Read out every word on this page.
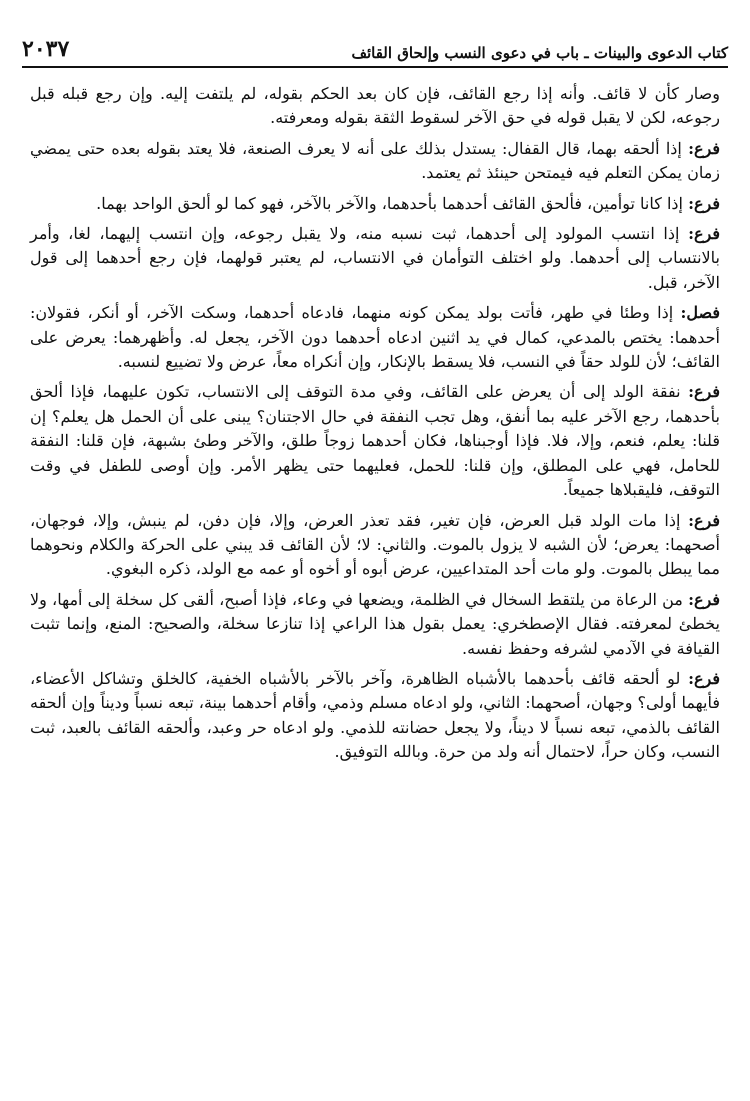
٢٠٣٧	كتاب الدعوى والبينات ـ باب في دعوى النسب وإلحاق القائف

وصار كأن لا قائف. وأنه إذا رجع القائف، فإن كان بعد الحكم بقوله، لم يلتفت إليه. وإن رجع قبله قبل رجوعه، لكن لا يقبل قوله في حق الآخر لسقوط الثقة بقوله ومعرفته.

فرع: إذا ألحقه بهما، قال القفال: يستدل بذلك على أنه لا يعرف الصنعة، فلا يعتد بقوله بعده حتى يمضي زمان يمكن التعلم فيه فيمتحن حينئذ ثم يعتمد.

فرع: إذا كانا توأمين، فألحق القائف أحدهما بأحدهما، والآخر بالآخر، فهو كما لو ألحق الواحد بهما.

فرع: إذا انتسب المولود إلى أحدهما، ثبت نسبه منه، ولا يقبل رجوعه، وإن انتسب إليهما، لغا، وأمر بالانتساب إلى أحدهما. ولو اختلف التوأمان في الانتساب، لم يعتبر قولهما، فإن رجع أحدهما إلى قول الآخر، قبل.

فصل: إذا وطئا في طهر، فأتت بولد يمكن كونه منهما، فادعاه أحدهما، وسكت الآخر، أو أنكر، فقولان: أحدهما: يختص بالمدعي، كمال في يد اثنين ادعاه أحدهما دون الآخر، يجعل له. وأظهرهما: يعرض على القائف؛ لأن للولد حقاً في النسب، فلا يسقط بالإنكار، وإن أنكراه معاً، عرض ولا تضييع لنسبه.

فرع: نفقة الولد إلى أن يعرض على القائف، وفي مدة التوقف إلى الانتساب، تكون عليهما، فإذا ألحق بأحدهما، رجع الآخر عليه بما أنفق، وهل تجب النفقة في حال الاجتنان؟ يبنى على أن الحمل هل يعلم؟ إن قلنا: يعلم، فنعم، وإلا، فلا. فإذا أوجبناها، فكان أحدهما زوجاً طلق، والآخر وطئ بشبهة، فإن قلنا: النفقة للحامل، فهي على المطلق، وإن قلنا: للحمل، فعليهما حتى يظهر الأمر. وإن أوصى للطفل في وقت التوقف، فليقبلاها جميعاً.

فرع: إذا مات الولد قبل العرض، فإن تغير، فقد تعذر العرض، وإلا، فإن دفن، لم ينبش، وإلا، فوجهان، أصحهما: يعرض؛ لأن الشبه لا يزول بالموت. والثاني: لا؛ لأن القائف قد يبني على الحركة والكلام ونحوهما مما يبطل بالموت. ولو مات أحد المتداعيين، عرض أبوه أو أخوه أو عمه مع الولد، ذكره البغوي.

فرع: من الرعاة من يلتقط السخال في الظلمة، ويضعها في وعاء، فإذا أصبح، ألقى كل سخلة إلى أمها، ولا يخطئ لمعرفته. فقال الإصطخري: يعمل بقول هذا الراعي إذا تنازعا سخلة، والصحيح: المنع، وإنما تثبت القيافة في الآدمي لشرفه وحفظ نفسه.

فرع: لو ألحقه قائف بأحدهما بالأشباه الظاهرة، وآخر بالآخر بالأشباه الخفية، كالخلق وتشاكل الأعضاء، فأيهما أولى؟ وجهان، أصحهما: الثاني، ولو ادعاه مسلم وذمي، وأقام أحدهما بينة، تبعه نسباً وديناً وإن ألحقه القائف بالذمي، تبعه نسباً لا ديناً، ولا يجعل حضانته للذمي. ولو ادعاه حر وعبد، وألحقه القائف بالعبد، ثبت النسب، وكان حراً، لاحتمال أنه ولد من حرة. وبالله التوفيق.
